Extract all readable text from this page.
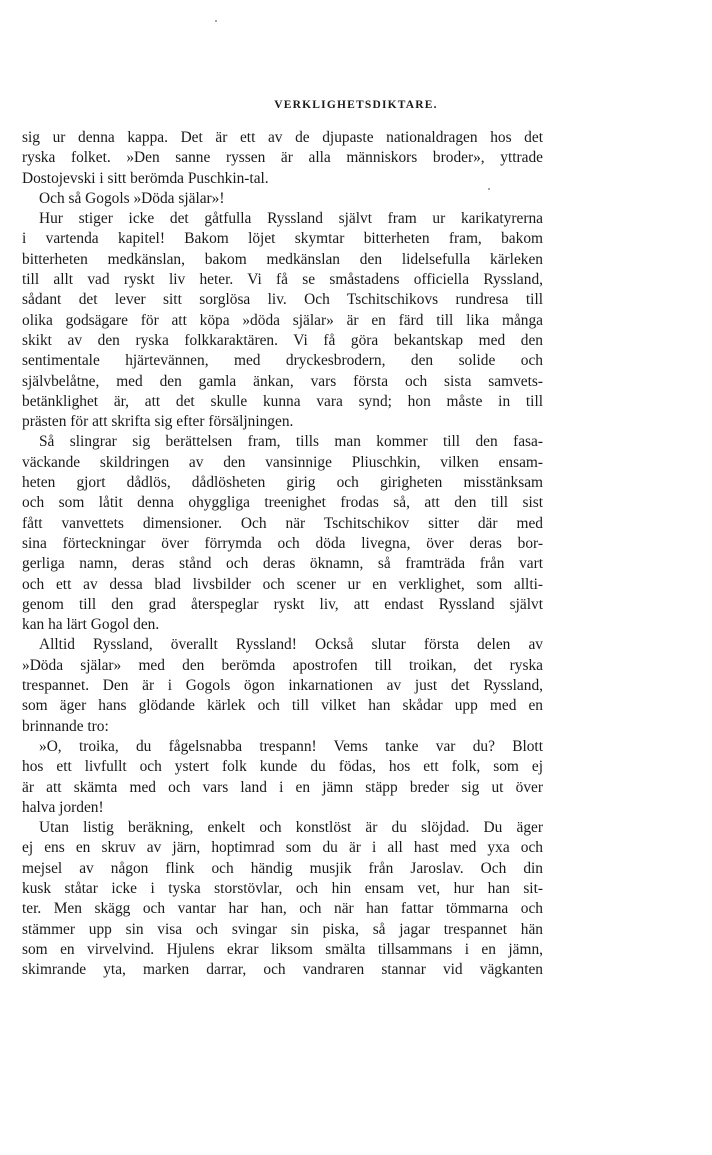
VERKLIGHETSDIKTARE.
sig ur denna kappa. Det är ett av de djupaste nationaldragen hos det
ryska folket. »Den sanne ryssen är alla människors broder», yttrade
Dostojevski i sitt berömda Puschkin-tal.
Och så Gogols »Döda själar»!
Hur stiger icke det gåtfulla Ryssland självt fram ur karikatyrerna
i vartenda kapitel! Bakom löjet skymtar bitterheten fram, bakom
bitterheten medkänslan, bakom medkänslan den lidelsefulla kärleken
till allt vad ryskt liv heter. Vi få se småstadens officiella Ryssland,
sådant det lever sitt sorglösa liv. Och Tschitschikovs rundresa till
olika godsägare för att köpa »döda själar» är en färd till lika många
skikt av den ryska folkkaraktären. Vi få göra bekantskap med den
sentimentale hjärtevännen, med dryckesbrodern, den solide och
självbelåtne, med den gamla änkan, vars första och sista samvets-
betänklighet är, att det skulle kunna vara synd; hon måste in till
prästen för att skrifta sig efter försäljningen.
Så slingrar sig berättelsen fram, tills man kommer till den fasa-
väckande skildringen av den vansinnige Pliuschkin, vilken ensam-
heten gjort dådlös, dådlösheten girig och girigheten misstänksam
och som låtit denna ohyggliga treenighet frodas så, att den till sist
fått vanvettets dimensioner. Och när Tschitschikov sitter där med
sina förteckningar över förrymda och döda livegna, över deras bor-
gerliga namn, deras stånd och deras öknamn, så framträda från vart
och ett av dessa blad livsbilder och scener ur en verklighet, som allti-
genom till den grad återspeglar ryskt liv, att endast Ryssland självt
kan ha lärt Gogol den.
Alltid Ryssland, överallt Ryssland! Också slutar första delen av
»Döda själar» med den berömda apostrofen till troikan, det ryska
trespannet. Den är i Gogols ögon inkarnationen av just det Ryssland,
som äger hans glödande kärlek och till vilket han skådar upp med en
brinnande tro:
»O, troika, du fågelsnabba trespann! Vems tanke var du? Blott
hos ett livfullt och ystert folk kunde du födas, hos ett folk, som ej
är att skämta med och vars land i en jämn stäpp breder sig ut över
halva jorden!
Utan listig beräkning, enkelt och konstlöst är du slöjdad. Du äger
ej ens en skruv av järn, hoptimrad som du är i all hast med yxa och
mejsel av någon flink och händig musjik från Jaroslav. Och din
kusk ståtar icke i tyska storstövlar, och hin ensam vet, hur han sit-
ter. Men skägg och vantar har han, och när han fattar tömmarna och
stämmer upp sin visa och svingar sin piska, så jagar trespannet hän
som en virvelvind. Hjulens ekrar liksom smälta tillsammans i en jämn,
skimrande yta, marken darrar, och vandraren stannar vid vägkanten
